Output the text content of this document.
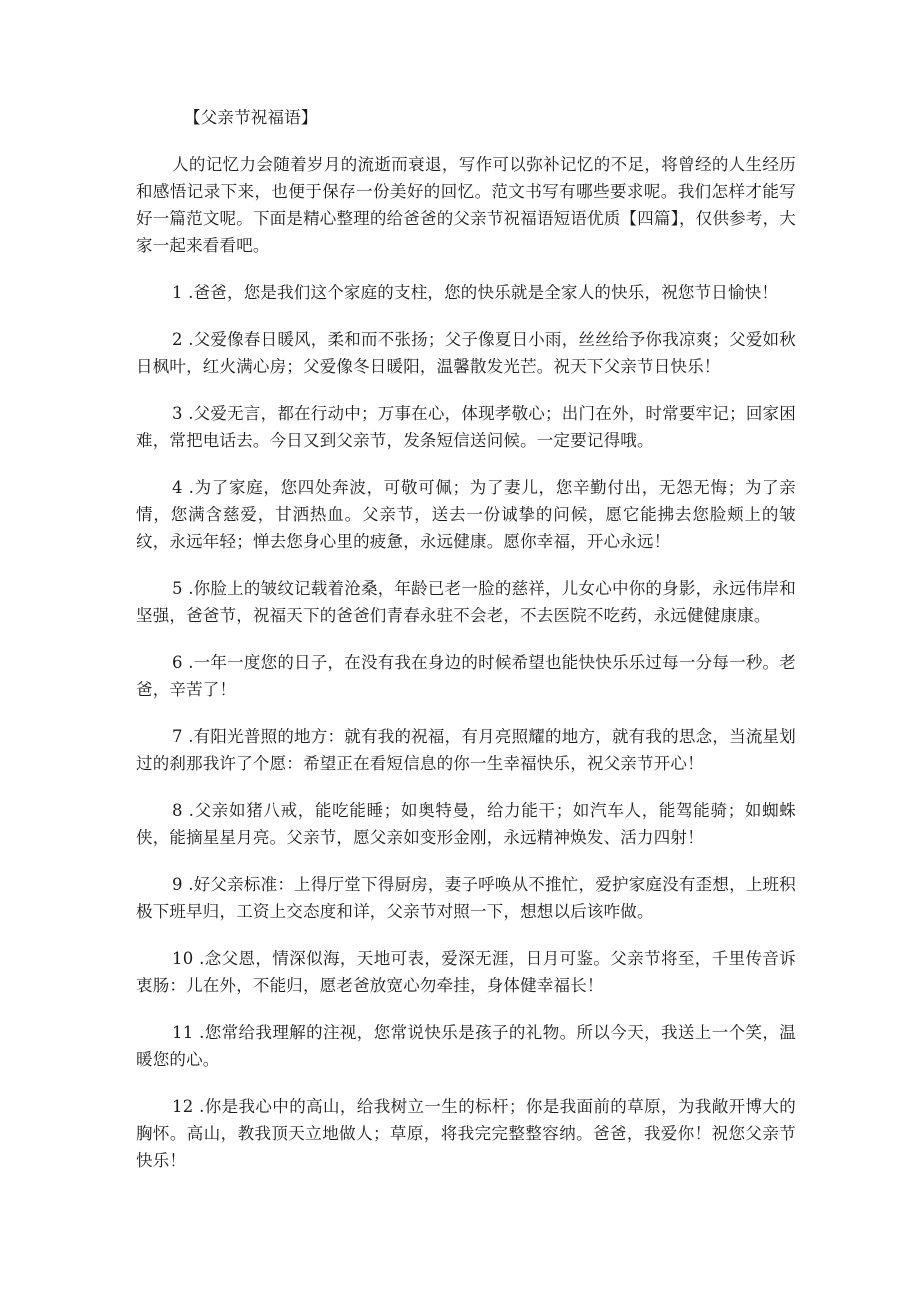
【父亲节祝福语】

人的记忆力会随着岁月的流逝而衰退，写作可以弥补记忆的不足，将曾经的人生经历和感悟记录下来，也便于保存一份美好的回忆。范文书写有哪些要求呢。我们怎样才能写好一篇范文呢。下面是精心整理的给爸爸的父亲节祝福语短语优质【四篇】，仅供参考，大家一起来看看吧。

1 .爸爸，您是我们这个家庭的支柱，您的快乐就是全家人的快乐，祝您节日愉快！

2 .父爱像春日暖风，柔和而不张扬；父子像夏日小雨，丝丝给予你我凉爽；父爱如秋日枫叶，红火满心房；父爱像冬日暖阳，温馨散发光芒。祝天下父亲节日快乐！

3 .父爱无言，都在行动中；万事在心，体现孝敬心；出门在外，时常要牢记；回家困难，常把电话去。今日又到父亲节，发条短信送问候。一定要记得哦。

4 .为了家庭，您四处奔波，可敬可佩；为了妻儿，您辛勤付出，无怨无悔；为了亲情，您满含慈爱，甘洒热血。父亲节，送去一份诚挚的问候，愿它能拂去您脸颊上的皱纹，永远年轻；惮去您身心里的疲惫，永远健康。愿你幸福，开心永远！

5 .你脸上的皱纹记载着沧桑，年龄已老一脸的慈祥，儿女心中你的身影，永远伟岸和坚强，爸爸节，祝福天下的爸爸们青春永驻不会老，不去医院不吃药，永远健健康康。

6 .一年一度您的日子，在没有我在身边的时候希望也能快快乐乐过每一分每一秒。老爸，辛苦了！

7 .有阳光普照的地方：就有我的祝福，有月亮照耀的地方，就有我的思念，当流星划过的刹那我许了个愿：希望正在看短信息的你一生幸福快乐，祝父亲节开心！

8 .父亲如猪八戒，能吃能睡；如奥特曼，给力能干；如汽车人，能驾能骑；如蜘蛛侠，能摘星星月亮。父亲节，愿父亲如变形金刚，永远精神焕发、活力四射！

9 .好父亲标准：上得厅堂下得厨房，妻子呼唤从不推忙，爱护家庭没有歪想，上班积极下班早归，工资上交态度和详，父亲节对照一下，想想以后该咋做。

10 .念父恩，情深似海，天地可表，爱深无涯，日月可鉴。父亲节将至，千里传音诉衷肠：儿在外，不能归，愿老爸放宽心勿牵挂，身体健幸福长！

11 .您常给我理解的注视，您常说快乐是孩子的礼物。所以今天，我送上一个笑，温暖您的心。

12 .你是我心中的高山，给我树立一生的标杆；你是我面前的草原，为我敞开博大的胸怀。高山，教我顶天立地做人；草原，将我完完整整容纳。爸爸，我爱你！祝您父亲节快乐！
